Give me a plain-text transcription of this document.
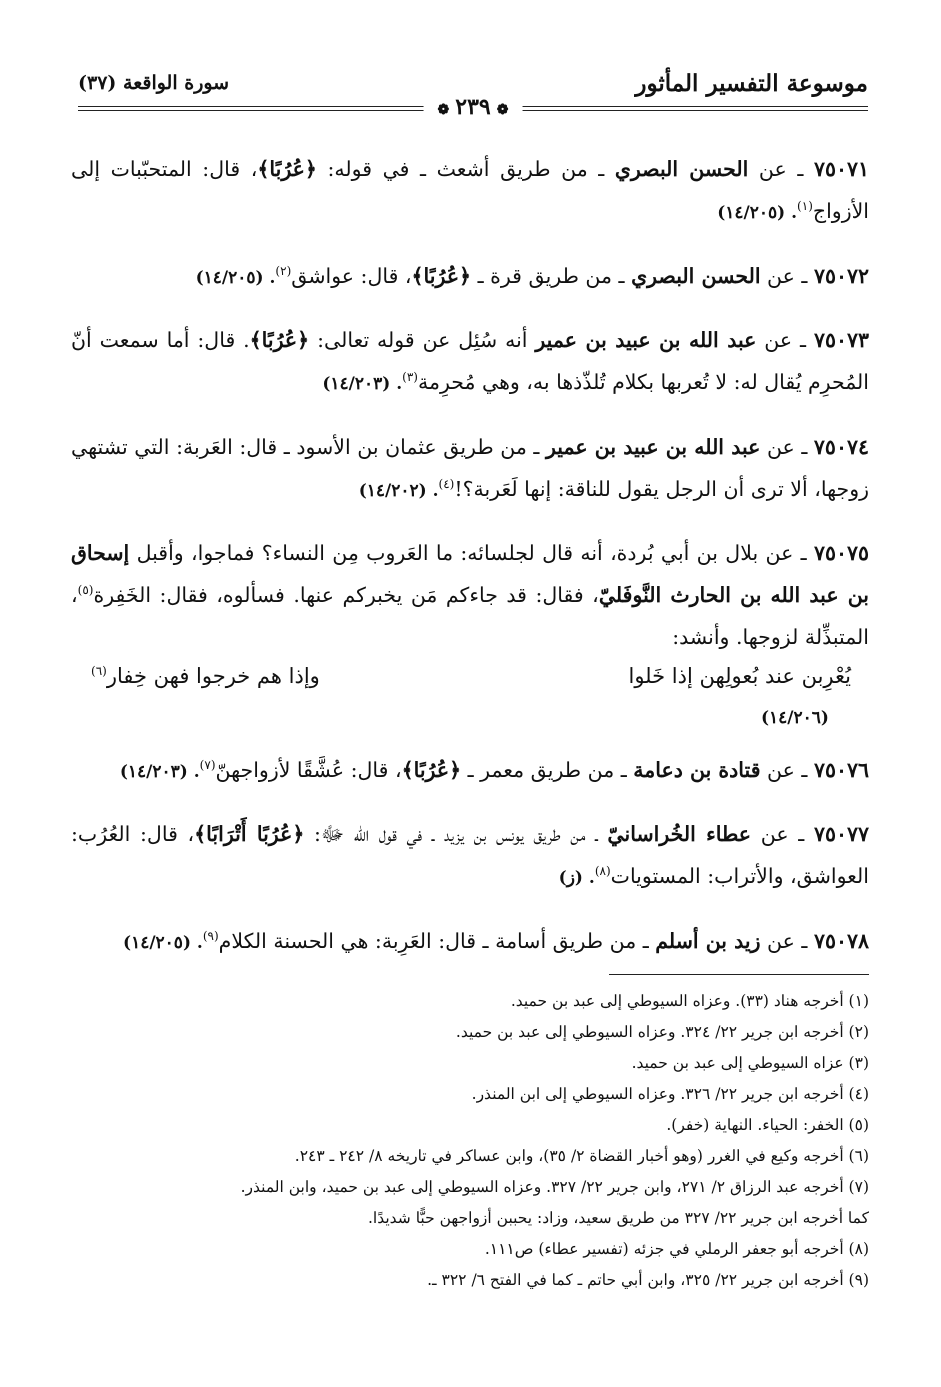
موسوعة التفسير المأثور
سورة الواقعة (٣٧)
❁٢٣٩❁

٧٥٠٧١ ـ عن الحسن البصري ـ من طريق أشعث ـ في قوله: ﴿عُرُبًا﴾، قال: المتحبّبات إلى الأزواج$^{(١)}$. (١٤/٢٠٥)

٧٥٠٧٢ ـ عن الحسن البصري ـ من طريق قرة ـ ﴿عُرُبًا﴾، قال: عواشق$^{(٢)}$. (١٤/٢٠٥)

٧٥٠٧٣ ـ عن عبد الله بن عبيد بن عمير أنه سُئِل عن قوله تعالى: ﴿عُرُبًا﴾. قال: أما سمعت أنّ المُحرِم يُقال له: لا تُعربها بكلام تُلذّذها به، وهي مُحرِمة$^{(٣)}$. (١٤/٢٠٣)

٧٥٠٧٤ ـ عن عبد الله بن عبيد بن عمير ـ من طريق عثمان بن الأسود ـ قال: العَربة: التي تشتهي زوجها، ألا ترى أن الرجل يقول للناقة: إنها لَعَربة؟!$^{(٤)}$. (١٤/٢٠٢)

٧٥٠٧٥ ـ عن بلال بن أبي بُردة، أنه قال لجلسائه: ما العَروب مِن النساء؟ فماجوا، وأقبل إسحاق بن عبد الله بن الحارث النَّوفَليّ، فقال: قد جاءكم مَن يخبركم عنها. فسألوه، فقال: الخَفِرة$^{(٥)}$، المتبذِّلة لزوجها. وأنشد:

يُعْرِبن عند بُعولِهن إذا خَلوا
وإذا هم خرجوا فهن خِفار$^{(٦)}$
(١٤/٢٠٦)

٧٥٠٧٦ ـ عن قتادة بن دعامة ـ من طريق معمر ـ ﴿عُرُبًا﴾، قال: عُشَّقًا لأزواجهنّ$^{(٧)}$. (١٤/٢٠٣)

٧٥٠٧٧ ـ عن عطاء الخُراسانيّ ـ من طريق يونس بن يزيد ـ في قول الله ﷻ: ﴿عُرُبًا أَتْرَابًا﴾، قال: العُرُب: العواشق، والأتراب: المستويات$^{(٨)}$. (ز)

٧٥٠٧٨ ـ عن زيد بن أسلم ـ من طريق أسامة ـ قال: العَرِبة: هي الحسنة الكلام$^{(٩)}$. (١٤/٢٠٥)

(١) أخرجه هناد (٣٣). وعزاه السيوطي إلى عبد بن حميد.
(٢) أخرجه ابن جرير ٢٢/ ٣٢٤. وعزاه السيوطي إلى عبد بن حميد.
(٣) عزاه السيوطي إلى عبد بن حميد.
(٤) أخرجه ابن جرير ٢٢/ ٣٢٦. وعزاه السيوطي إلى ابن المنذر.
(٥) الخفر: الحياء. النهاية (خفر).
(٦) أخرجه وكيع في الغرر (وهو أخبار القضاة ٢/ ٣٥)، وابن عساكر في تاريخه ٨/ ٢٤٢ ـ ٢٤٣.
(٧) أخرجه عبد الرزاق ٢/ ٢٧١، وابن جرير ٢٢/ ٣٢٧. وعزاه السيوطي إلى عبد بن حميد، وابن المنذر.
كما أخرجه ابن جرير ٢٢/ ٣٢٧ من طريق سعيد، وزاد: يحببن أزواجهن حبًّا شديدًا.
(٨) أخرجه أبو جعفر الرملي في جزئه (تفسير عطاء) ص١١١.
(٩) أخرجه ابن جرير ٢٢/ ٣٢٥، وابن أبي حاتم ـ كما في الفتح ٦/ ٣٢٢ ـ.
